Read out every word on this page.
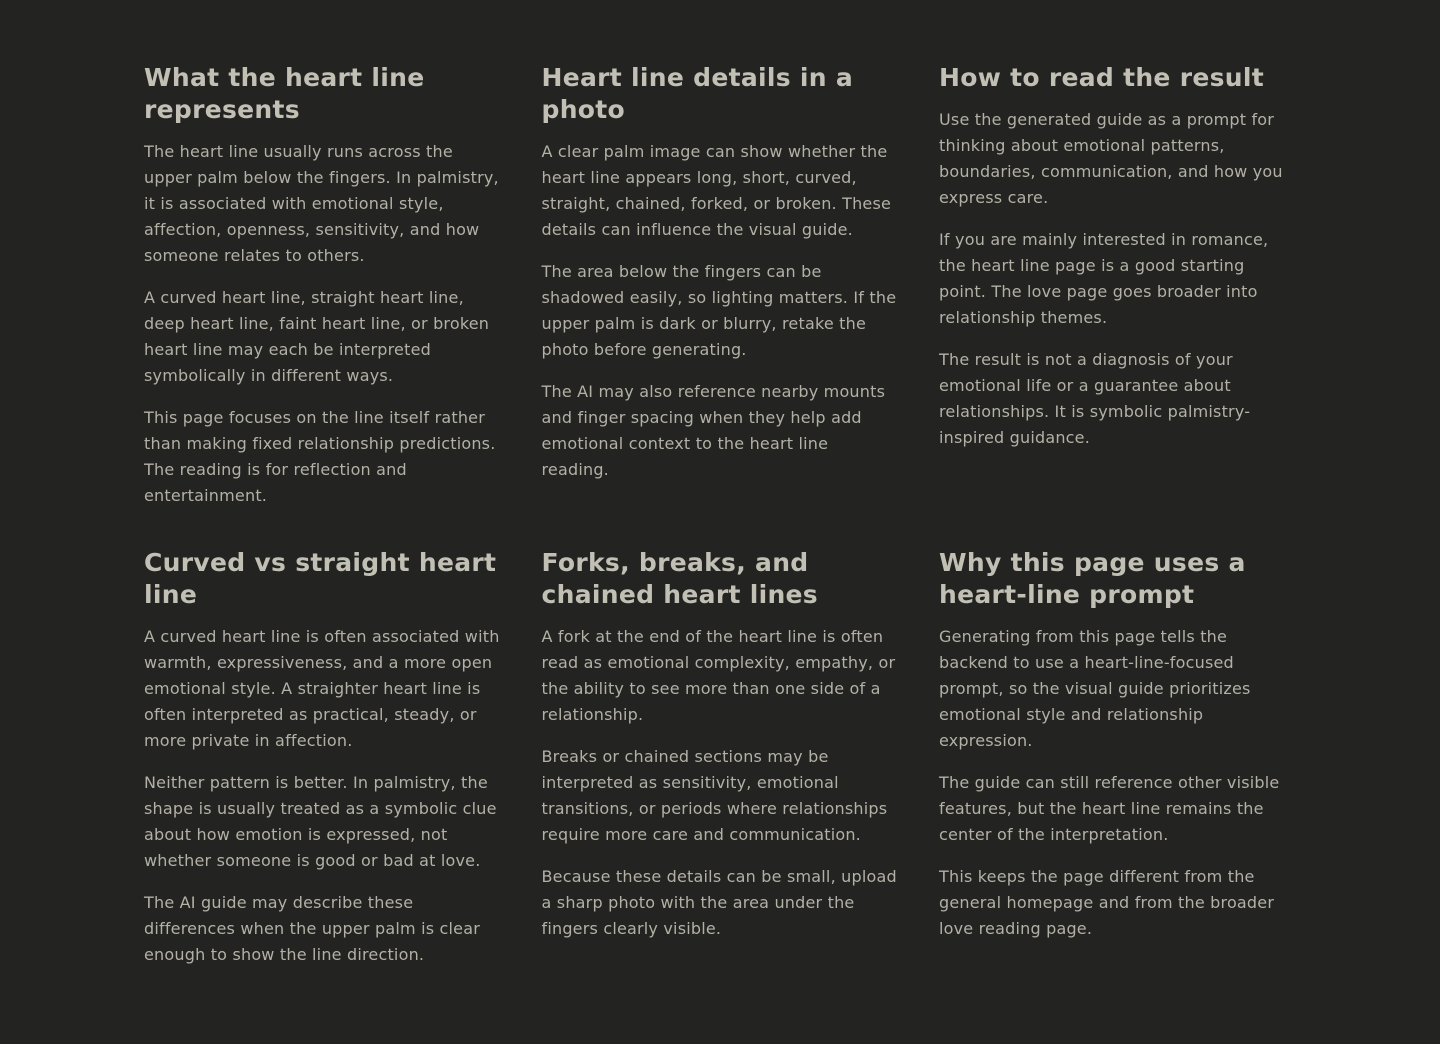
What the heart line represents

The heart line usually runs across the upper palm below the fingers. In palmistry, it is associated with emotional style, affection, openness, sensitivity, and how someone relates to others.

A curved heart line, straight heart line, deep heart line, faint heart line, or broken heart line may each be interpreted symbolically in different ways.

This page focuses on the line itself rather than making fixed relationship predictions. The reading is for reflection and entertainment.

Heart line details in a photo

A clear palm image can show whether the heart line appears long, short, curved, straight, chained, forked, or broken. These details can influence the visual guide.

The area below the fingers can be shadowed easily, so lighting matters. If the upper palm is dark or blurry, retake the photo before generating.

The AI may also reference nearby mounts and finger spacing when they help add emotional context to the heart line reading.

How to read the result

Use the generated guide as a prompt for thinking about emotional patterns, boundaries, communication, and how you express care.

If you are mainly interested in romance, the heart line page is a good starting point. The love page goes broader into relationship themes.

The result is not a diagnosis of your emotional life or a guarantee about relationships. It is symbolic palmistry-inspired guidance.

Curved vs straight heart line

A curved heart line is often associated with warmth, expressiveness, and a more open emotional style. A straighter heart line is often interpreted as practical, steady, or more private in affection.

Neither pattern is better. In palmistry, the shape is usually treated as a symbolic clue about how emotion is expressed, not whether someone is good or bad at love.

The AI guide may describe these differences when the upper palm is clear enough to show the line direction.

Forks, breaks, and chained heart lines

A fork at the end of the heart line is often read as emotional complexity, empathy, or the ability to see more than one side of a relationship.

Breaks or chained sections may be interpreted as sensitivity, emotional transitions, or periods where relationships require more care and communication.

Because these details can be small, upload a sharp photo with the area under the fingers clearly visible.

Why this page uses a heart-line prompt

Generating from this page tells the backend to use a heart-line-focused prompt, so the visual guide prioritizes emotional style and relationship expression.

The guide can still reference other visible features, but the heart line remains the center of the interpretation.

This keeps the page different from the general homepage and from the broader love reading page.
